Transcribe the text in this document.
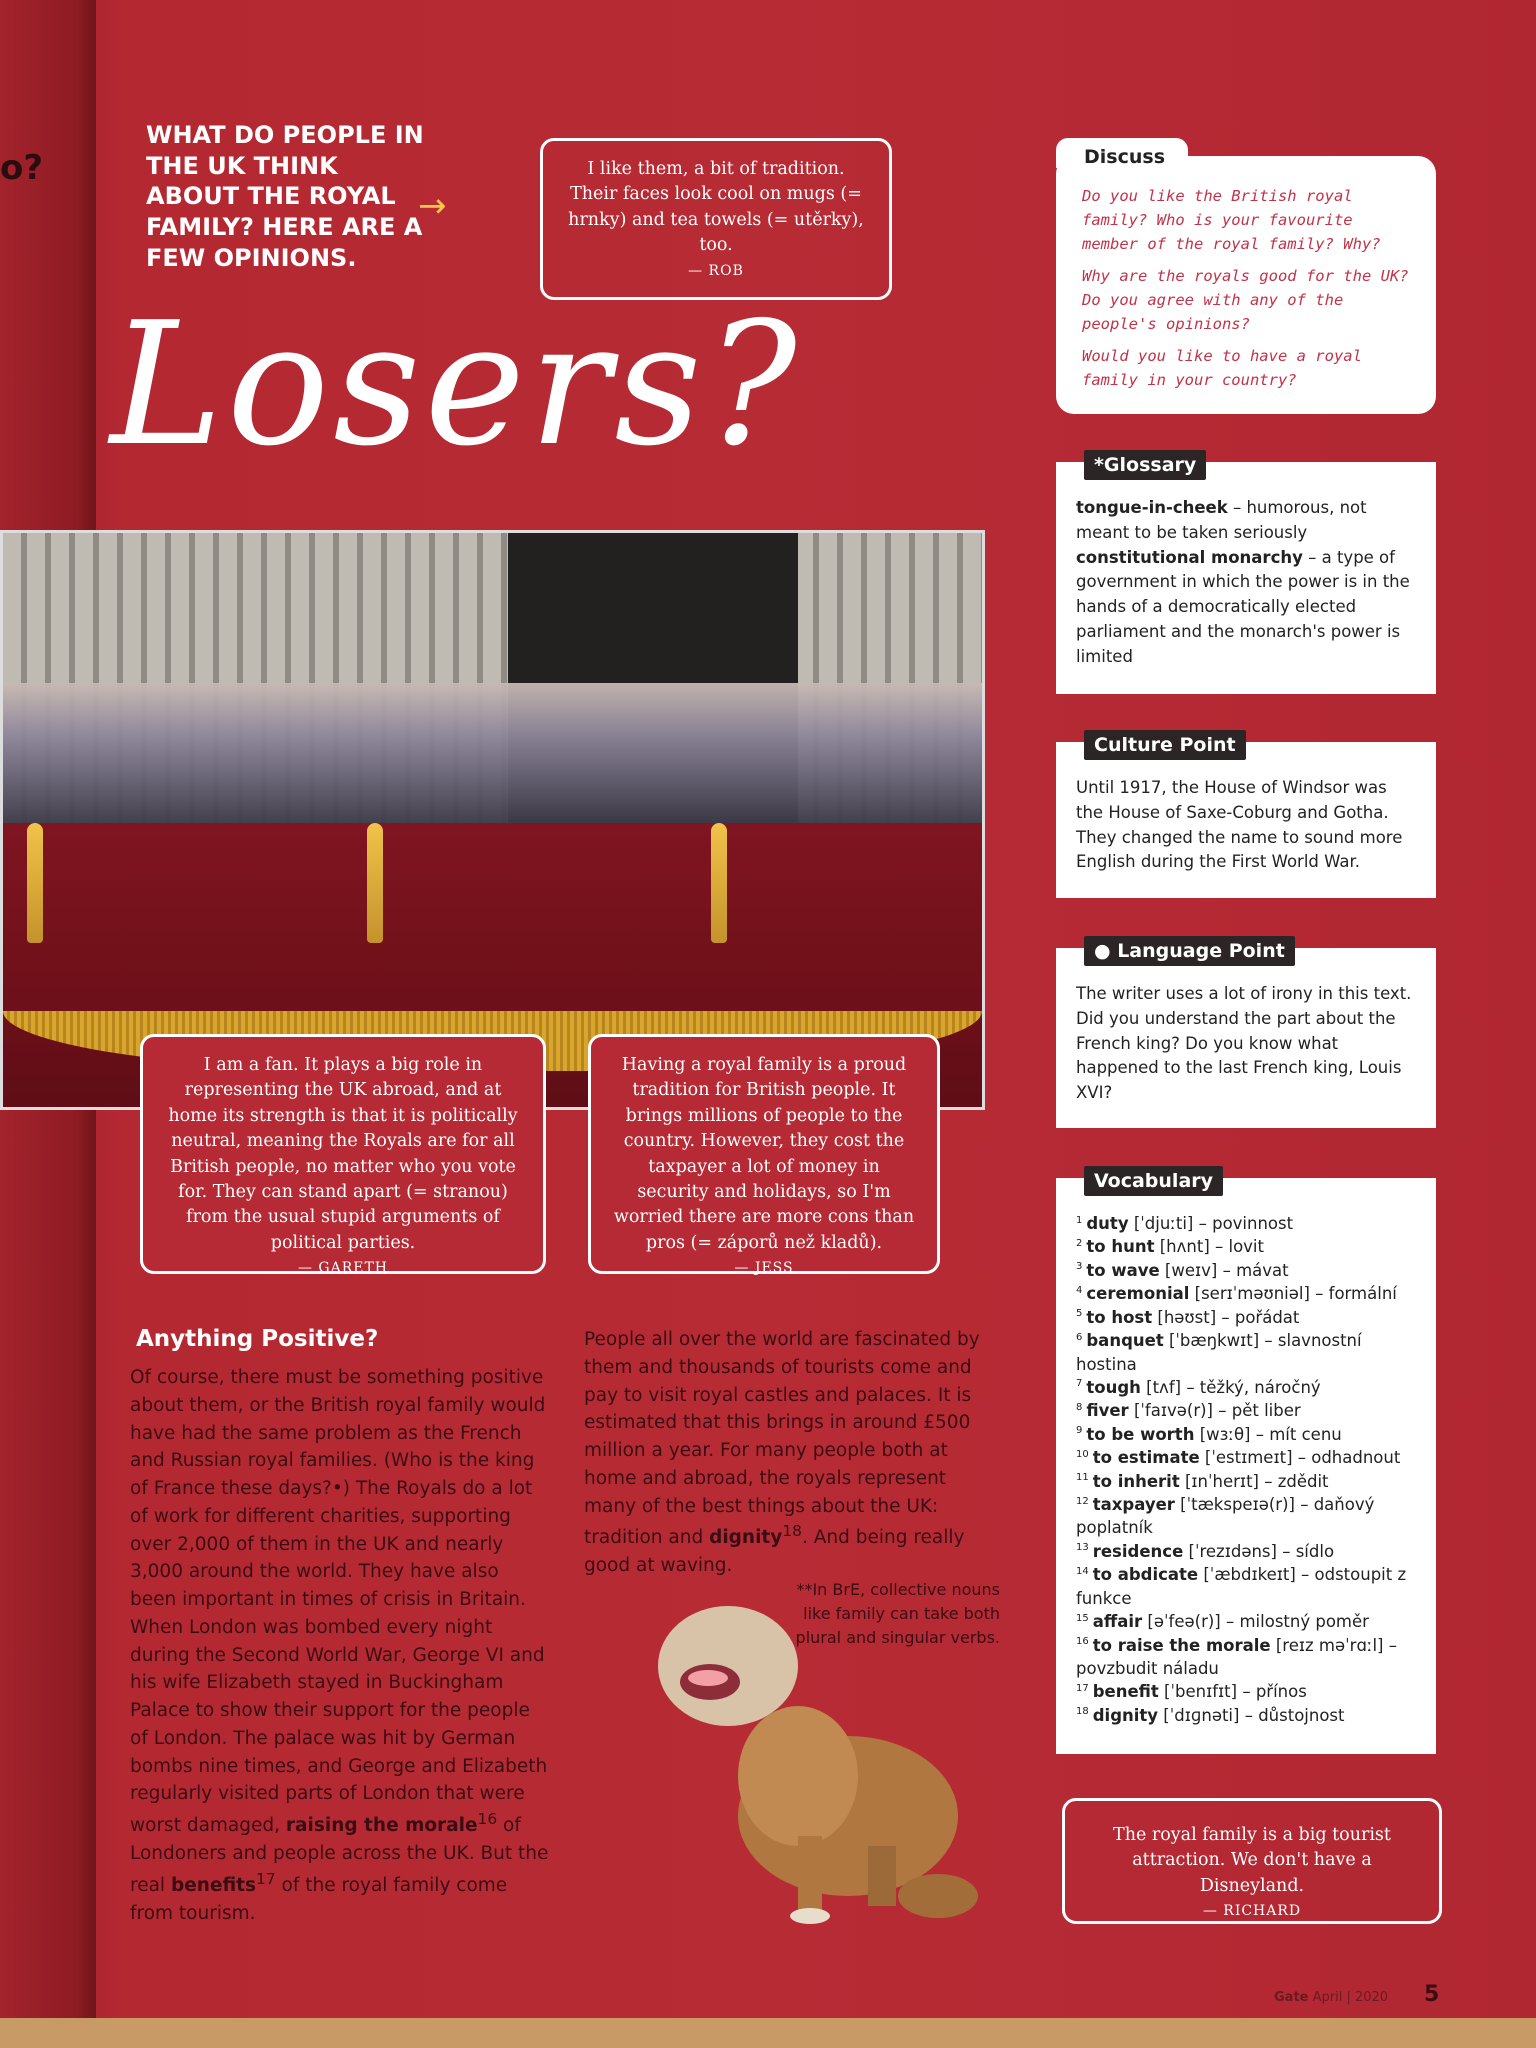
o?
WHAT DO PEOPLE IN THE UK THINK ABOUT THE ROYAL FAMILY? HERE ARE A FEW OPINIONS.
→
I like them, a bit of tradition. Their faces look cool on mugs (= hrnky) and tea towels (= utěrky), too.
— ROB
Losers?
I am a fan. It plays a big role in representing the UK abroad, and at home its strength is that it is politically neutral, meaning the Royals are for all British people, no matter who you vote for. They can stand apart (= stranou) from the usual stupid arguments of political parties.
— GARETH
Having a royal family is a proud tradition for British people. It brings millions of people to the country. However, they cost the taxpayer a lot of money in security and holidays, so I'm worried there are more cons than pros (= záporů než kladů).
— JESS

Do you like the British royal family? Who is your favourite member of the royal family? Why?

Why are the royals good for the UK? Do you agree with any of the people's opinions?

Would you like to have a royal family in your country?

Discuss
tongue-in-cheek – humorous, not meant to be taken seriously
constitutional monarchy – a type of government in which the power is in the hands of a democratically elected parliament and the monarch's power is limited
*Glossary
Until 1917, the House of Windsor was the House of Saxe-Coburg and Gotha. They changed the name to sound more English during the First World War.
Culture Point
The writer uses a lot of irony in this text. Did you understand the part about the French king? Do you know what happened to the last French king, Louis XVI?
● Language Point
$^1$ duty [ˈdjuːti] – povinnost
$^2$ to hunt [hʌnt] – lovit
$^3$ to wave [weɪv] – mávat
$^4$ ceremonial [serɪˈməʊniəl] – formální
$^5$ to host [həʊst] – pořádat
$^6$ banquet [ˈbæŋkwɪt] – slavnostní hostina
$^7$ tough [tʌf] – těžký, náročný
$^8$ fiver [ˈfaɪvə(r)] – pět liber
$^9$ to be worth [wɜːθ] – mít cenu
$^{10}$ to estimate [ˈestɪmeɪt] – odhadnout
$^{11}$ to inherit [ɪnˈherɪt] – zdědit
$^{12}$ taxpayer [ˈtækspeɪə(r)] – daňový poplatník
$^{13}$ residence [ˈrezɪdəns] – sídlo
$^{14}$ to abdicate [ˈæbdɪkeɪt] – odstoupit z funkce
$^{15}$ affair [əˈfeə(r)] – milostný poměr
$^{16}$ to raise the morale [reɪz məˈrɑːl] – povzbudit náladu
$^{17}$ benefit [ˈbenɪfɪt] – přínos
$^{18}$ dignity [ˈdɪɡnəti] – důstojnost
Vocabulary
The royal family is a big tourist attraction. We don't have a Disneyland.
— RICHARD
Anything Positive?
Of course, there must be something positive about them, or the British royal family would have had the same problem as the French and Russian royal families. (Who is the king of France these days?•) The Royals do a lot of work for different charities, supporting over 2,000 of them in the UK and nearly 3,000 around the world. They have also been important in times of crisis in Britain. When London was bombed every night during the Second World War, George VI and his wife Elizabeth stayed in Buckingham Palace to show their support for the people of London. The palace was hit by German bombs nine times, and George and Elizabeth regularly visited parts of London that were worst damaged, raising the morale$^{16}$ of Londoners and people across the UK. But the real benefits$^{17}$ of the royal family come from tourism.
People all over the world are fascinated by them and thousands of tourists come and pay to visit royal castles and palaces. It is estimated that this brings in around £500 million a year. For many people both at home and abroad, the royals represent many of the best things about the UK: tradition and dignity$^{18}$. And being really good at waving.
**In BrE, collective nouns like family can take both plural and singular verbs.
Gate April | 2020 5
